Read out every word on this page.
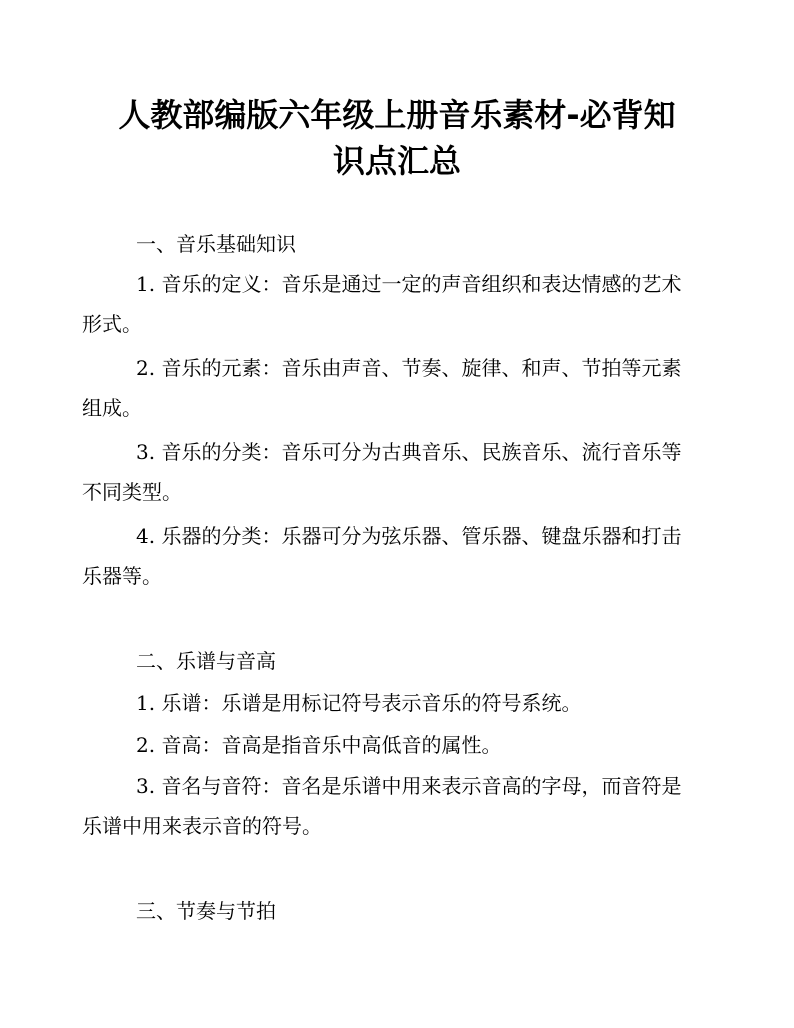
人教部编版六年级上册音乐素材-必背知
识点汇总
一、音乐基础知识
1. 音乐的定义：音乐是通过一定的声音组织和表达情感的艺术
形式。
2. 音乐的元素：音乐由声音、节奏、旋律、和声、节拍等元素
组成。
3. 音乐的分类：音乐可分为古典音乐、民族音乐、流行音乐等
不同类型。
4. 乐器的分类：乐器可分为弦乐器、管乐器、键盘乐器和打击
乐器等。
二、乐谱与音高
1. 乐谱：乐谱是用标记符号表示音乐的符号系统。
2. 音高：音高是指音乐中高低音的属性。
3. 音名与音符：音名是乐谱中用来表示音高的字母，而音符是
乐谱中用来表示音的符号。
三、节奏与节拍
